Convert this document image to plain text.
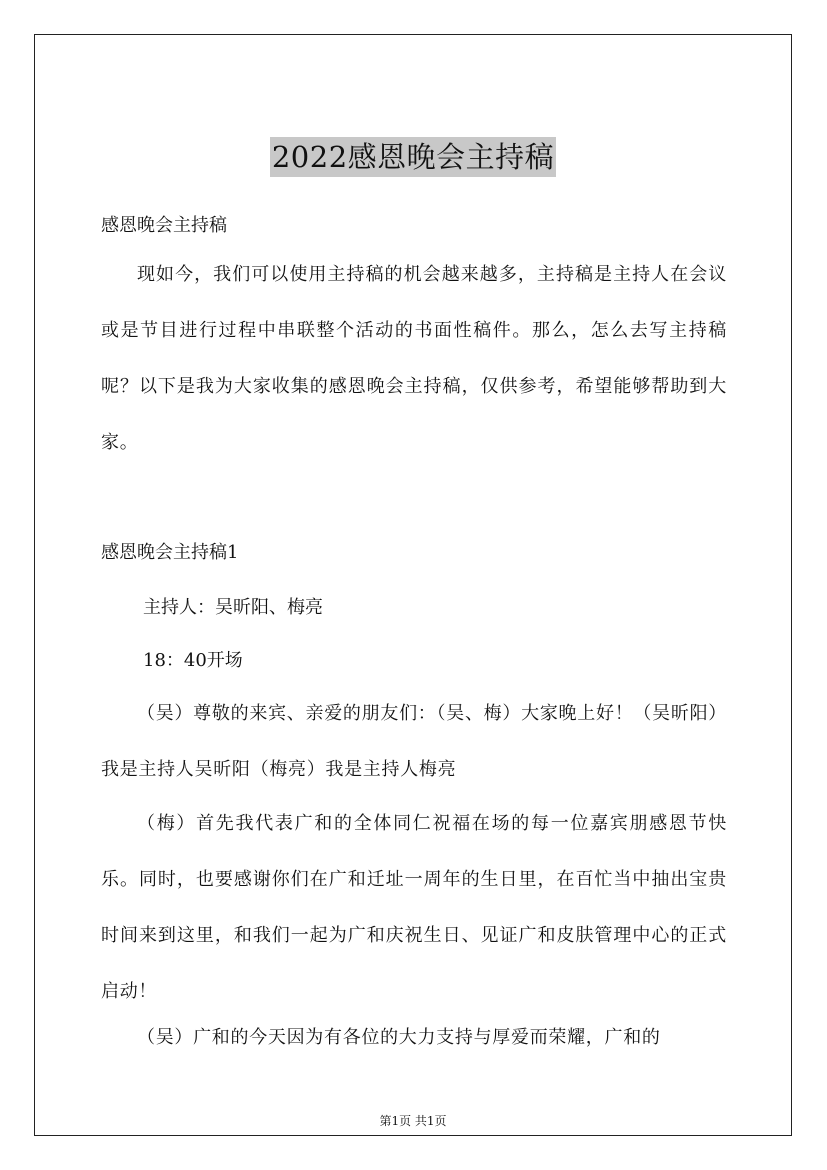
2022感恩晚会主持稿
感恩晚会主持稿

现如今，我们可以使用主持稿的机会越来越多，主持稿是主持人在会议或是节目进行过程中串联整个活动的书面性稿件。那么，怎么去写主持稿呢？以下是我为大家收集的感恩晚会主持稿，仅供参考，希望能够帮助到大家。

感恩晚会主持稿1
主持人：吴昕阳、梅亮
18：40开场

（吴）尊敬的来宾、亲爱的朋友们：（吴、梅）大家晚上好！（吴昕阳）我是主持人吴昕阳（梅亮）我是主持人梅亮

（梅）首先我代表广和的全体同仁祝福在场的每一位嘉宾朋感恩节快乐。同时，也要感谢你们在广和迁址一周年的生日里，在百忙当中抽出宝贵时间来到这里，和我们一起为广和庆祝生日、见证广和皮肤管理中心的正式启动！

（吴）广和的今天因为有各位的大力支持与厚爱而荣耀，广和的

第1页 共1页
